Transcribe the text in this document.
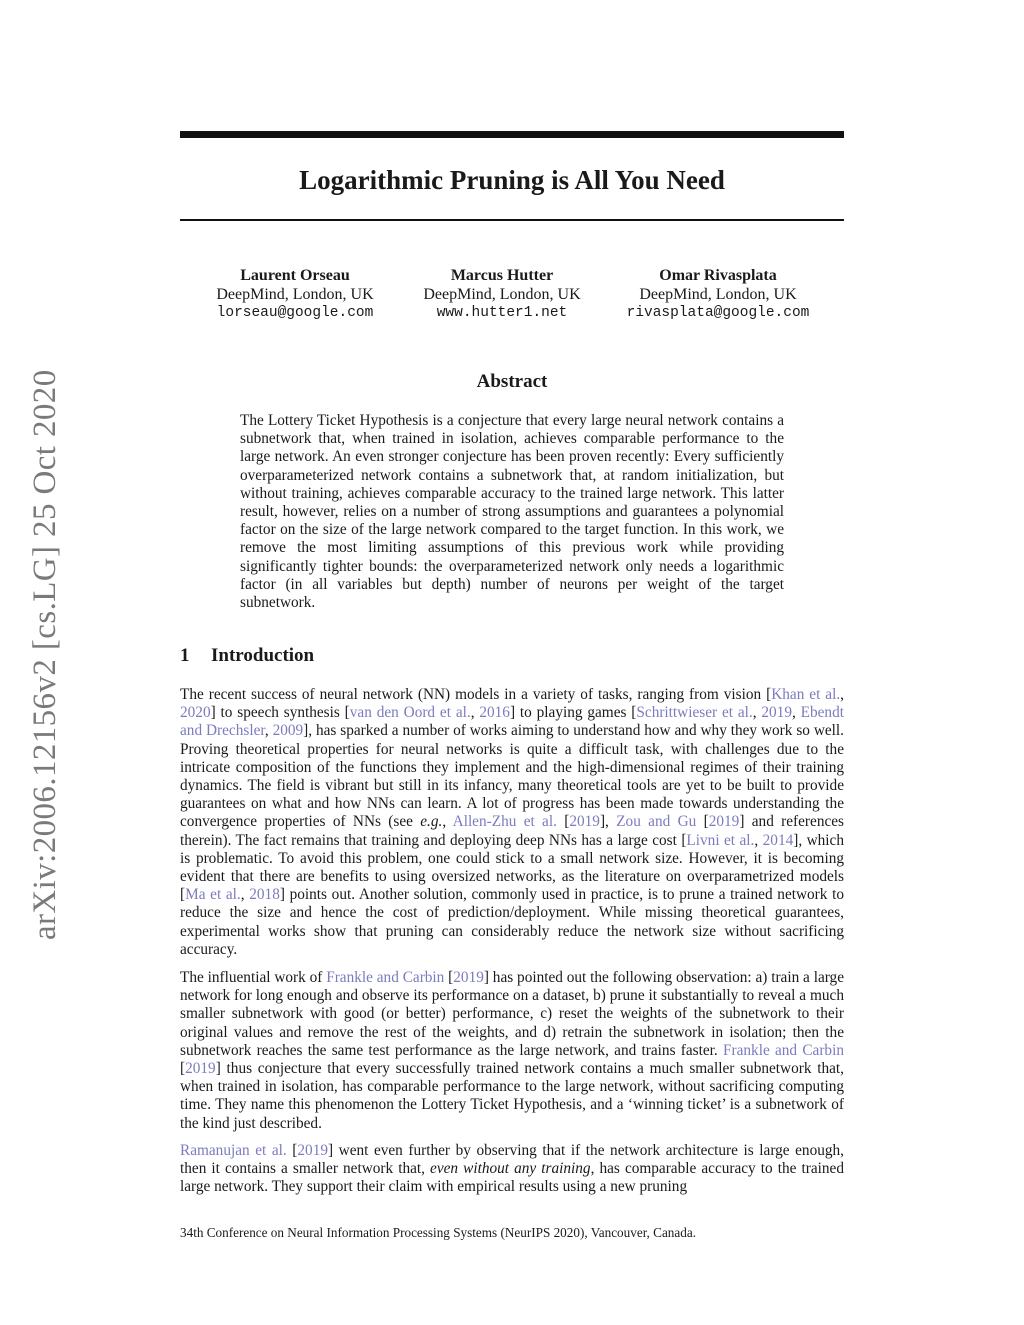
arXiv:2006.12156v2 [cs.LG] 25 Oct 2020
Logarithmic Pruning is All You Need
Laurent Orseau
DeepMind, London, UK
lorseau@google.com
Marcus Hutter
DeepMind, London, UK
www.hutter1.net
Omar Rivasplata
DeepMind, London, UK
rivasplata@google.com
Abstract

The Lottery Ticket Hypothesis is a conjecture that every large neural network contains a subnetwork that, when trained in isolation, achieves comparable performance to the large network. An even stronger conjecture has been proven recently: Every sufficiently overparameterized network contains a subnetwork that, at random initialization, but without training, achieves comparable accuracy to the trained large network. This latter result, however, relies on a number of strong assumptions and guarantees a polynomial factor on the size of the large network compared to the target function. In this work, we remove the most limiting assumptions of this previous work while providing significantly tighter bounds: the overparameterized network only needs a logarithmic factor (in all variables but depth) number of neurons per weight of the target subnetwork.

1 Introduction

The recent success of neural network (NN) models in a variety of tasks, ranging from vision [Khan et al., 2020] to speech synthesis [van den Oord et al., 2016] to playing games [Schrittwieser et al., 2019, Ebendt and Drechsler, 2009], has sparked a number of works aiming to understand how and why they work so well. Proving theoretical properties for neural networks is quite a difficult task, with challenges due to the intricate composition of the functions they implement and the high-dimensional regimes of their training dynamics. The field is vibrant but still in its infancy, many theoretical tools are yet to be built to provide guarantees on what and how NNs can learn. A lot of progress has been made towards understanding the convergence properties of NNs (see e.g., Allen-Zhu et al. [2019], Zou and Gu [2019] and references therein). The fact remains that training and deploying deep NNs has a large cost [Livni et al., 2014], which is problematic. To avoid this problem, one could stick to a small network size. However, it is becoming evident that there are benefits to using oversized networks, as the literature on overparametrized models [Ma et al., 2018] points out. Another solution, commonly used in practice, is to prune a trained network to reduce the size and hence the cost of prediction/deployment. While missing theoretical guarantees, experimental works show that pruning can considerably reduce the network size without sacrificing accuracy.

The influential work of Frankle and Carbin [2019] has pointed out the following observation: a) train a large network for long enough and observe its performance on a dataset, b) prune it substantially to reveal a much smaller subnetwork with good (or better) performance, c) reset the weights of the subnetwork to their original values and remove the rest of the weights, and d) retrain the subnetwork in isolation; then the subnetwork reaches the same test performance as the large network, and trains faster. Frankle and Carbin [2019] thus conjecture that every successfully trained network contains a much smaller subnetwork that, when trained in isolation, has comparable performance to the large network, without sacrificing computing time. They name this phenomenon the Lottery Ticket Hypothesis, and a ‘winning ticket’ is a subnetwork of the kind just described.

Ramanujan et al. [2019] went even further by observing that if the network architecture is large enough, then it contains a smaller network that, even without any training, has comparable accuracy to the trained large network. They support their claim with empirical results using a new pruning

34th Conference on Neural Information Processing Systems (NeurIPS 2020), Vancouver, Canada.
